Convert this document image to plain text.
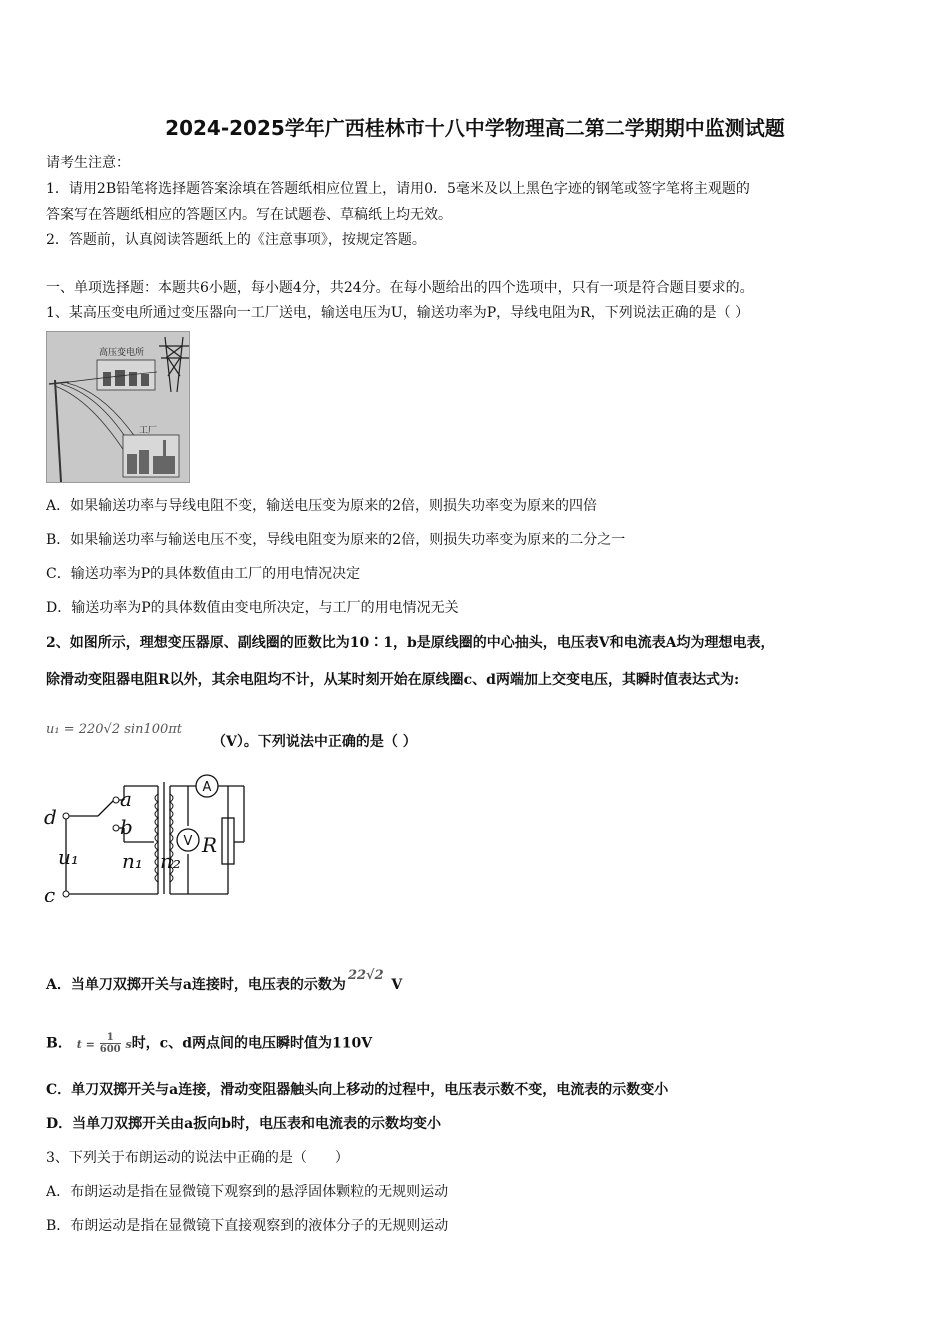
2024-2025学年广西桂林市十八中学物理高二第二学期期中监测试题
请考生注意：
1．请用2B铅笔将选择题答案涂填在答题纸相应位置上，请用0．5毫米及以上黑色字迹的钢笔或签字笔将主观题的
答案写在答题纸相应的答题区内。写在试题卷、草稿纸上均无效。
2．答题前，认真阅读答题纸上的《注意事项》，按规定答题。
一、单项选择题：本题共6小题，每小题4分，共24分。在每小题给出的四个选项中，只有一项是符合题目要求的。
1、某高压变电所通过变压器向一工厂送电，输送电压为U，输送功率为P，导线电阻为R，下列说法正确的是（ ）
高压变电所
工厂
A．如果输送功率与导线电阻不变，输送电压变为原来的2倍，则损失功率变为原来的四倍
B．如果输送功率与输送电压不变，导线电阻变为原来的2倍，则损失功率变为原来的二分之一
C．输送功率为P的具体数值由工厂的用电情况决定
D．输送功率为P的具体数值由变电所决定，与工厂的用电情况无关
2、如图所示，理想变压器原、副线圈的匝数比为10∶1，b是原线圈的中心抽头，电压表V和电流表A均为理想电表，
除滑动变阻器电阻R以外，其余电阻均不计，从某时刻开始在原线圈c、d两端加上交变电压，其瞬时值表达式为:
u₁ = 220√2 sin100πt
（V）。下列说法中正确的是（ ）
d
a
b
u₁ n₁ n₂
c
R
A
V
A．当单刀双掷开关与a连接时，电压表的示数为22√2  V
B． $t = \frac{1}{600}$ s时，c、d两点间的电压瞬时值为110V
C．单刀双掷开关与a连接，滑动变阻器触头向上移动的过程中，电压表示数不变，电流表的示数变小
D．当单刀双掷开关由a扳向b时，电压表和电流表的示数均变小
3、下列关于布朗运动的说法中正确的是（　　）
A．布朗运动是指在显微镜下观察到的悬浮固体颗粒的无规则运动
B．布朗运动是指在显微镜下直接观察到的液体分子的无规则运动
